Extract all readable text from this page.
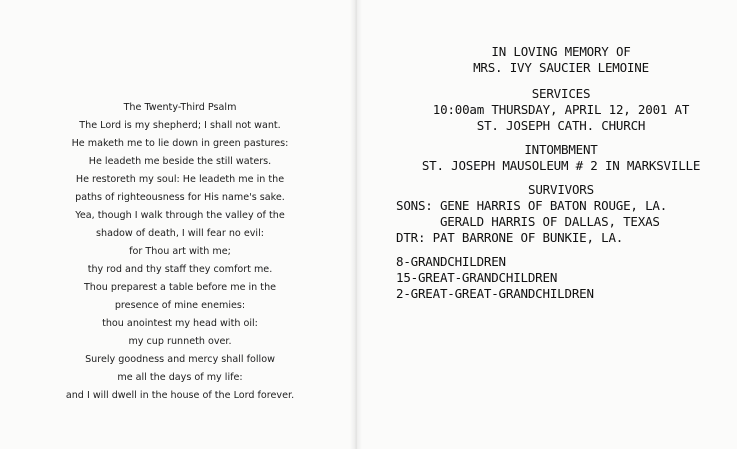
The Twenty-Third Psalm
The Lord is my shepherd; I shall not want.
He maketh me to lie down in green pastures:
He leadeth me beside the still waters.
He restoreth my soul: He leadeth me in the
paths of righteousness for His name's sake.
Yea, though I walk through the valley of the
shadow of death, I will fear no evil:
for Thou art with me;
thy rod and thy staff they comfort me.
Thou preparest a table before me in the
presence of mine enemies:
thou anointest my head with oil:
my cup runneth over.
Surely goodness and mercy shall follow
me all the days of my life:
and I will dwell in the house of the Lord forever.
IN LOVING MEMORY OF
MRS. IVY SAUCIER LEMOINE
SERVICES
10:00am THURSDAY, APRIL 12, 2001 AT
ST. JOSEPH CATH. CHURCH
INTOMBMENT
ST. JOSEPH MAUSOLEUM # 2 IN MARKSVILLE
SURVIVORS
SONS: GENE HARRIS OF BATON ROUGE, LA.
GERALD HARRIS OF DALLAS, TEXAS
DTR: PAT BARRONE OF BUNKIE, LA.
8-GRANDCHILDREN
15-GREAT-GRANDCHILDREN
2-GREAT-GREAT-GRANDCHILDREN
